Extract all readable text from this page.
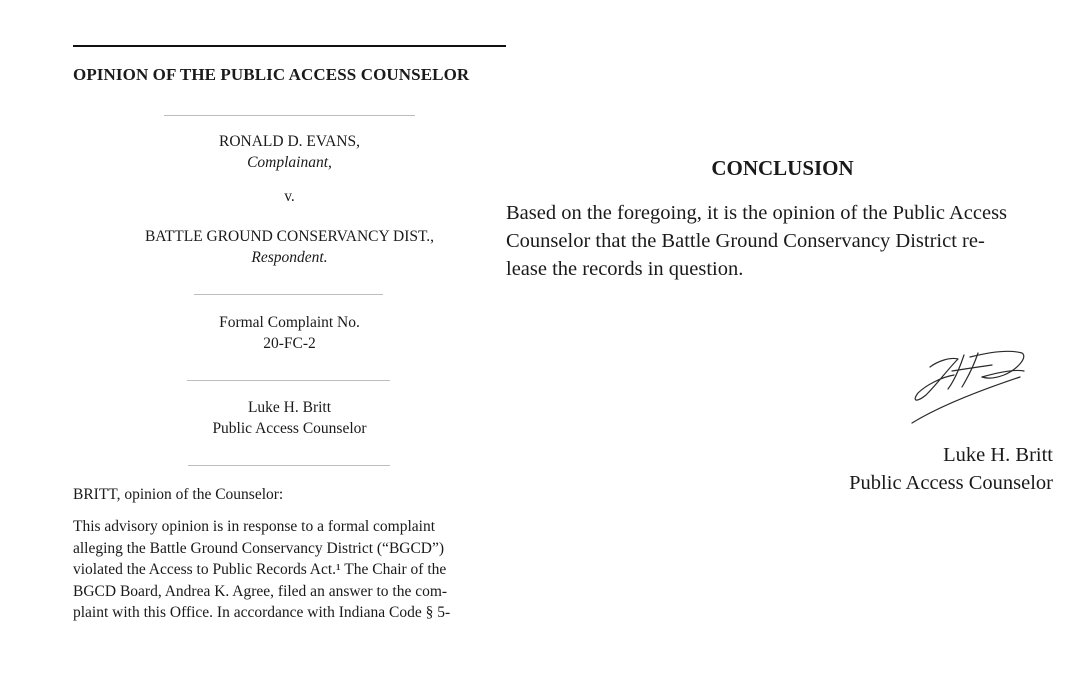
OPINION OF THE PUBLIC ACCESS COUNSELOR
RONALD D. EVANS,
Complainant,
v.
BATTLE GROUND CONSERVANCY DIST.,
Respondent.
Formal Complaint No.
20-FC-2
Luke H. Britt
Public Access Counselor
BRITT, opinion of the Counselor:
This advisory opinion is in response to a formal complaint
alleging the Battle Ground Conservancy District (“BGCD”)
violated the Access to Public Records Act.¹ The Chair of the
BGCD Board, Andrea K. Agree, filed an answer to the com-
plaint with this Office. In accordance with Indiana Code § 5-
CONCLUSION
Based on the foregoing, it is the opinion of the Public Access
Counselor that the Battle Ground Conservancy District re-
lease the records in question.
Luke H. Britt
Public Access Counselor
